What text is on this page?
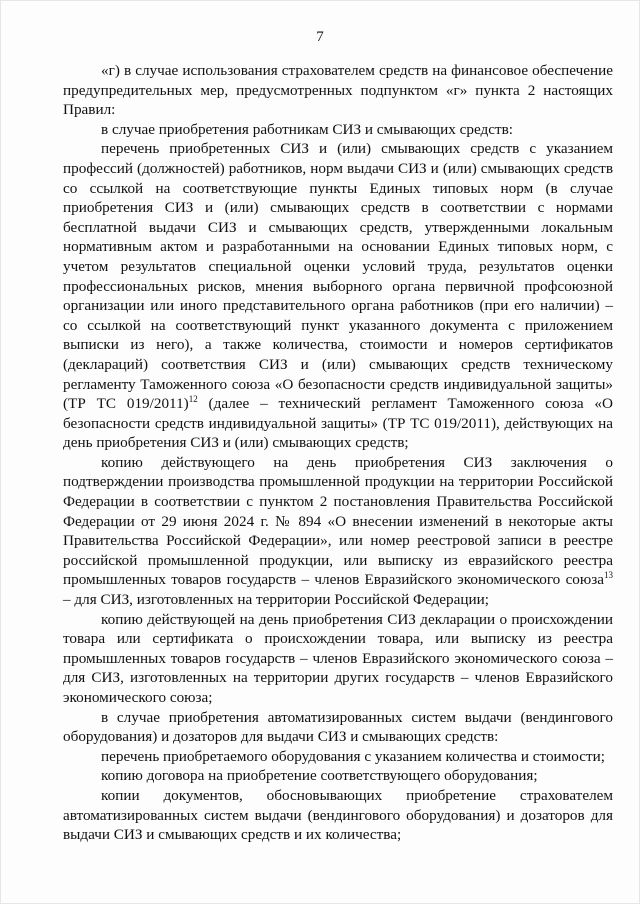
7

«г) в случае использования страхователем средств на финансовое обеспечение предупредительных мер, предусмотренных подпунктом «г» пункта 2 настоящих Правил:

в случае приобретения работникам СИЗ и смывающих средств:

перечень приобретенных СИЗ и (или) смывающих средств с указанием профессий (должностей) работников, норм выдачи СИЗ и (или) смывающих средств со ссылкой на соответствующие пункты Единых типовых норм (в случае приобретения СИЗ и (или) смывающих средств в соответствии с нормами бесплатной выдачи СИЗ и смывающих средств, утвержденными локальным нормативным актом и разработанными на основании Единых типовых норм, с учетом результатов специальной оценки условий труда, результатов оценки профессиональных рисков, мнения выборного органа первичной профсоюзной организации или иного представительного органа работников (при его наличии) – со ссылкой на соответствующий пункт указанного документа с приложением выписки из него), а также количества, стоимости и номеров сертификатов (деклараций) соответствия СИЗ и (или) смывающих средств техническому регламенту Таможенного союза «О безопасности средств индивидуальной защиты» (ТР ТС 019/2011)$^{12}$ (далее – технический регламент Таможенного союза «О безопасности средств индивидуальной защиты» (ТР ТС 019/2011), действующих на день приобретения СИЗ и (или) смывающих средств;

копию действующего на день приобретения СИЗ заключения о подтверждении производства промышленной продукции на территории Российской Федерации в соответствии с пунктом 2 постановления Правительства Российской Федерации от 29 июня 2024 г. № 894 «О внесении изменений в некоторые акты Правительства Российской Федерации», или номер реестровой записи в реестре российской промышленной продукции, или выписку из евразийского реестра промышленных товаров государств – членов Евразийского экономического союза$^{13}$ – для СИЗ, изготовленных на территории Российской Федерации;

копию действующей на день приобретения СИЗ декларации о происхождении товара или сертификата о происхождении товара, или выписку из реестра промышленных товаров государств – членов Евразийского экономического союза – для СИЗ, изготовленных на территории других государств – членов Евразийского экономического союза;

в случае приобретения автоматизированных систем выдачи (вендингового оборудования) и дозаторов для выдачи СИЗ и смывающих средств:

перечень приобретаемого оборудования с указанием количества и стоимости;

копию договора на приобретение соответствующего оборудования;

копии документов, обосновывающих приобретение страхователем автоматизированных систем выдачи (вендингового оборудования) и дозаторов для выдачи СИЗ и смывающих средств и их количества;
